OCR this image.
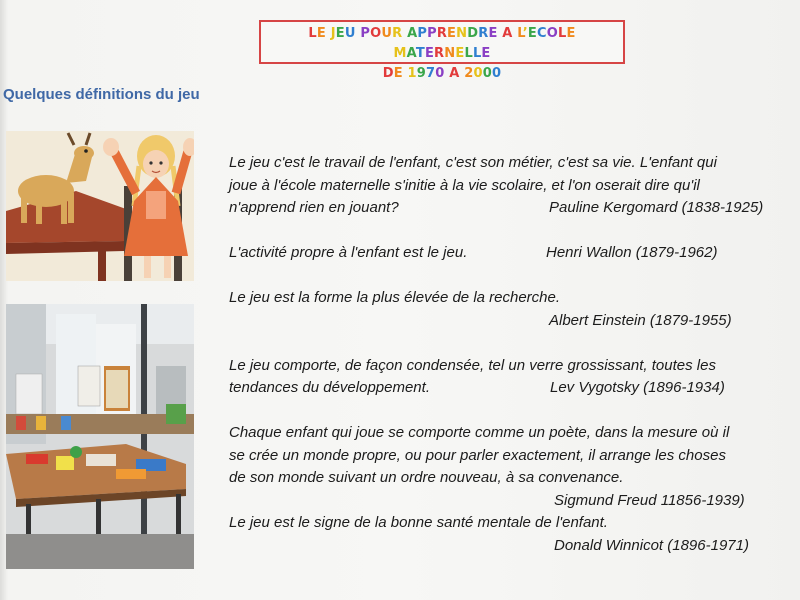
LE JEU POUR APPRENDRE A L’ECOLE MATERNELLE
DE 1970 A 2000
Quelques définitions du jeu
Le jeu c'est le travail de l'enfant, c'est son métier, c'est sa vie. L'enfant qui
joue à l'école maternelle s'initie à la vie scolaire, et l'on oserait dire qu'il
n'apprend rien en jouant?	Pauline Kergomard (1838-1925)
L'activité propre à l'enfant est le jeu.	Henri Wallon (1879-1962)
Le jeu est la forme la plus élevée de la recherche.
Albert Einstein (1879-1955)
Le jeu comporte, de façon condensée, tel un verre grossissant, toutes les
tendances du développement.	Lev Vygotsky (1896-1934)
Chaque enfant qui joue se comporte comme un poète, dans la mesure où il
se crée un monde propre, ou pour parler exactement, il arrange les choses
de son monde suivant un ordre nouveau, à sa convenance.
Sigmund Freud 11856-1939)
Le jeu est le signe de la bonne santé mentale de l'enfant.
Donald Winnicot (1896-1971)
